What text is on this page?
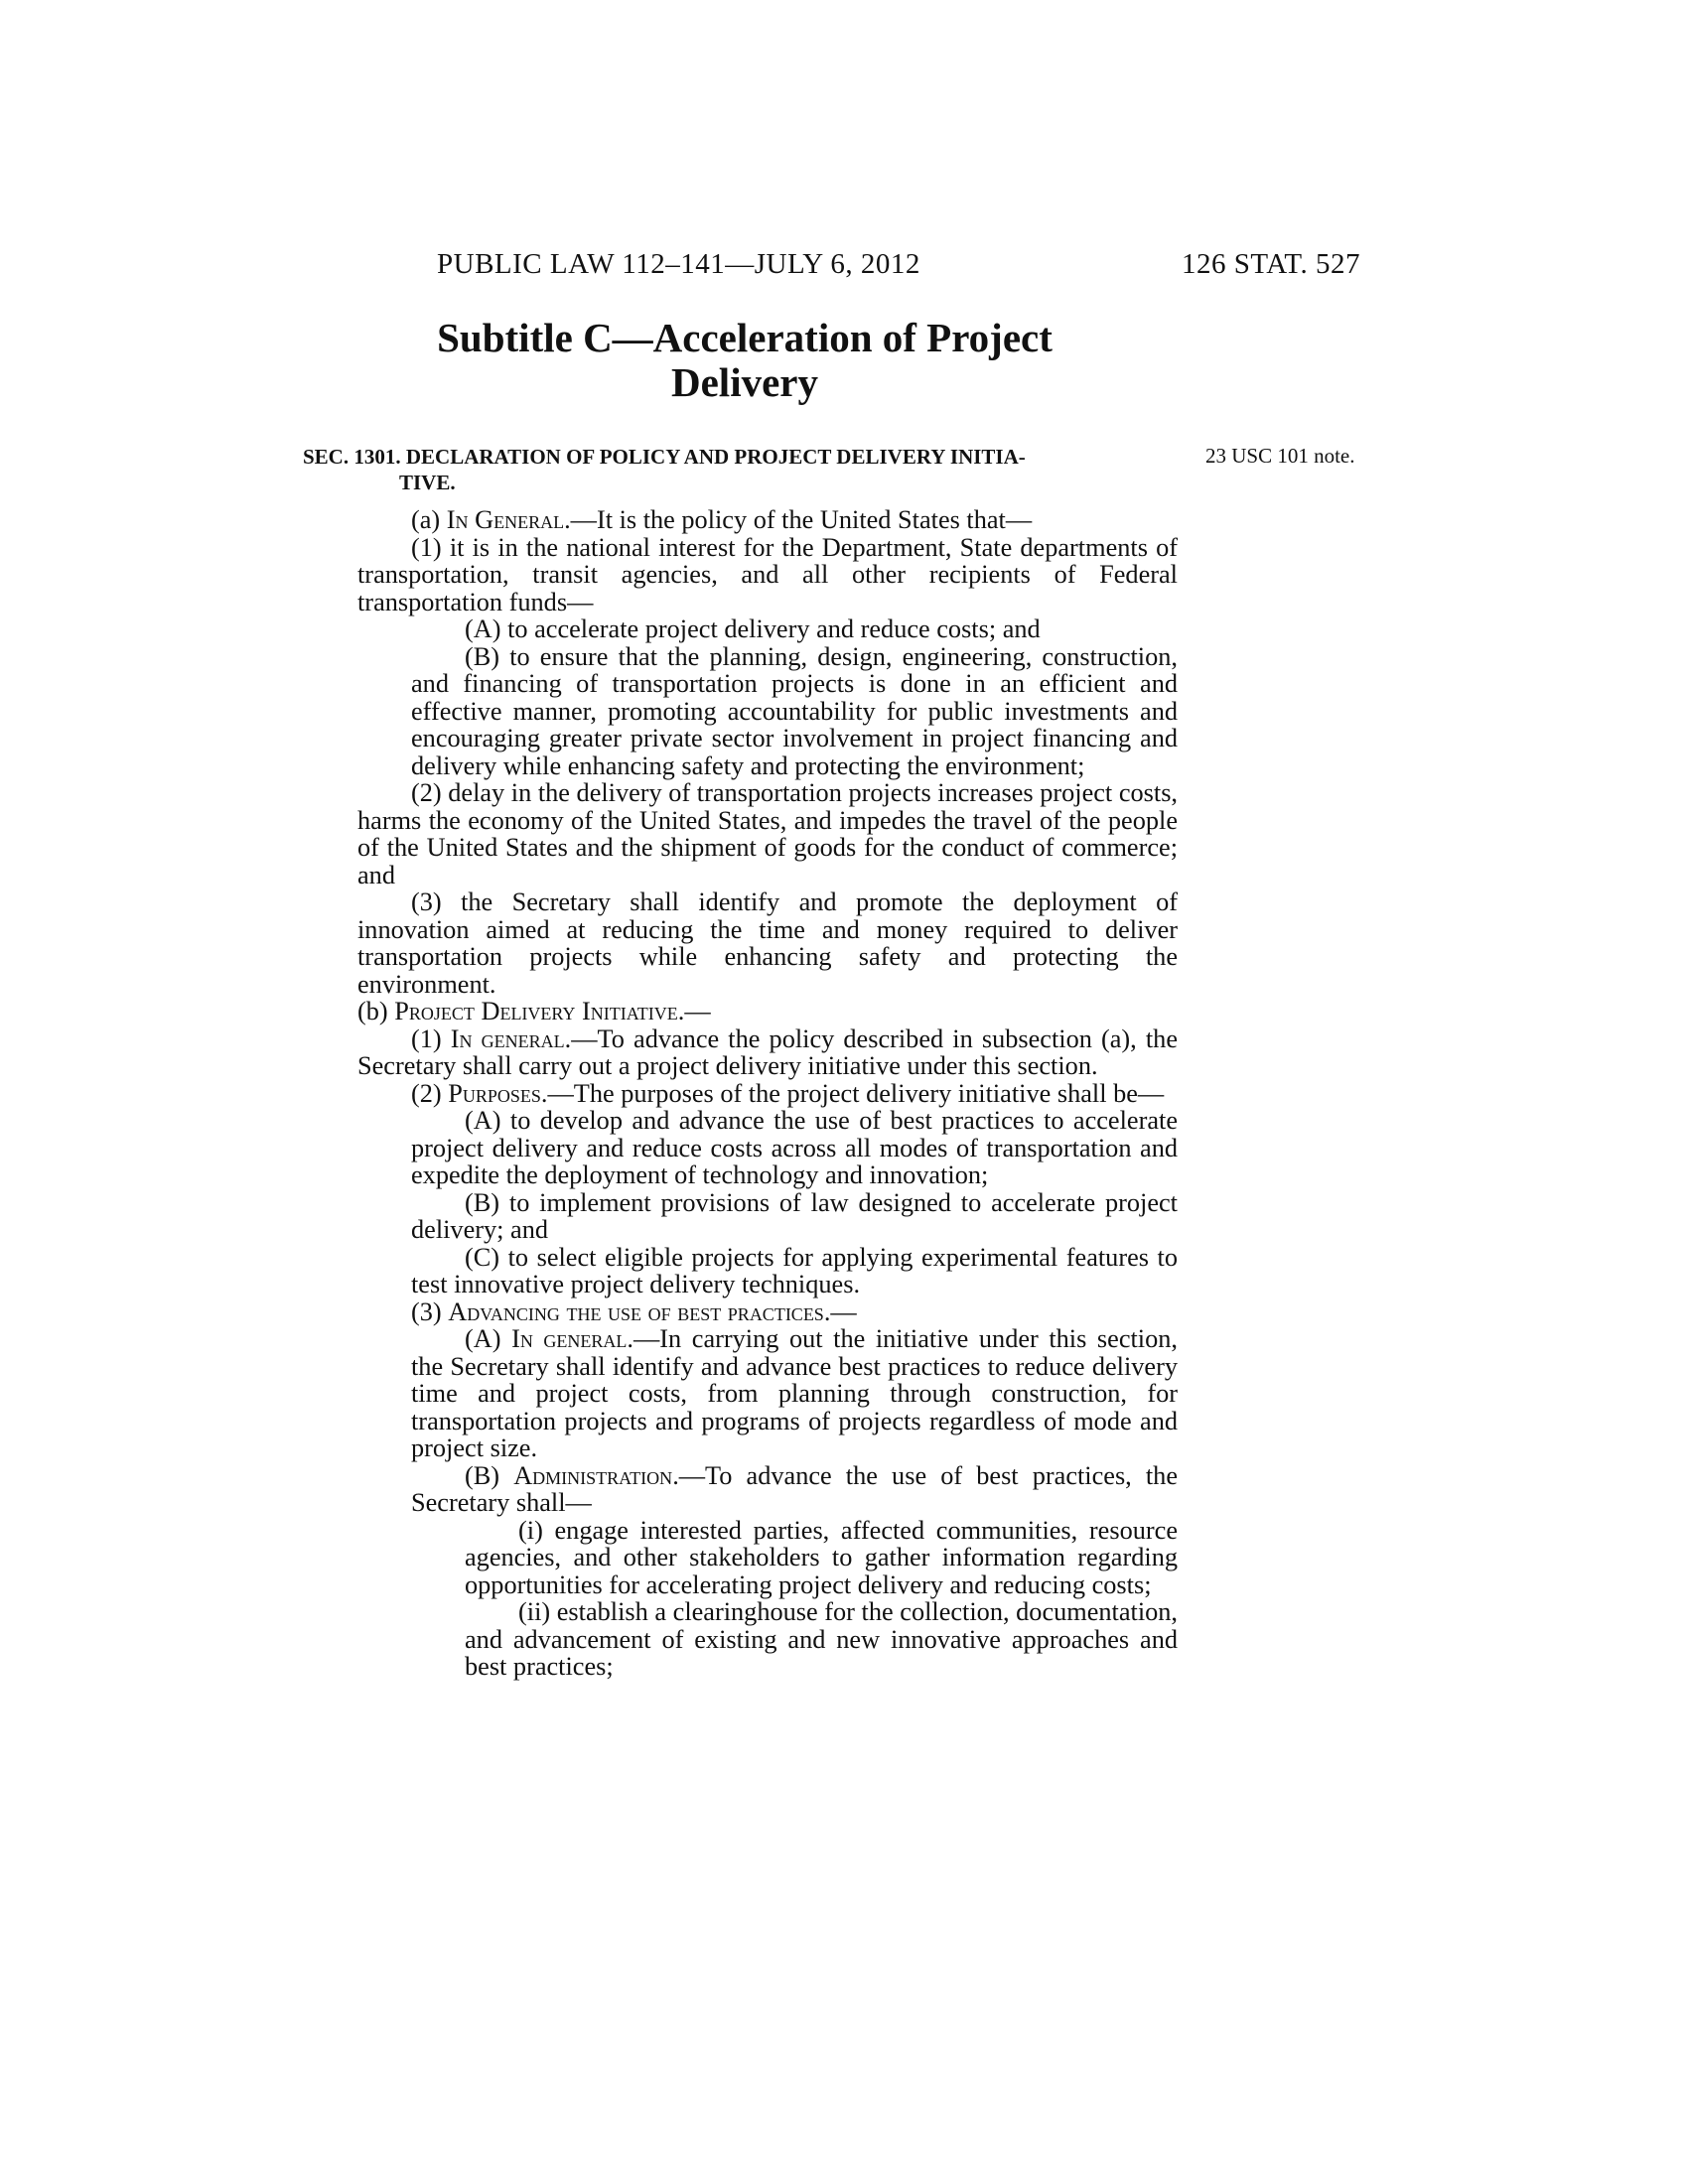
PUBLIC LAW 112–141—JULY 6, 2012	126 STAT. 527
Subtitle C—Acceleration of Project
Delivery
SEC. 1301. DECLARATION OF POLICY AND PROJECT DELIVERY INITIA-
TIVE.
23 USC 101 note.

(a) In General.—It is the policy of the United States that—

(1) it is in the national interest for the Department, State departments of transportation, transit agencies, and all other recipients of Federal transportation funds—

(A) to accelerate project delivery and reduce costs; and

(B) to ensure that the planning, design, engineering, construction, and financing of transportation projects is done in an efficient and effective manner, promoting accountability for public investments and encouraging greater private sector involvement in project financing and delivery while enhancing safety and protecting the environment;

(2) delay in the delivery of transportation projects increases project costs, harms the economy of the United States, and impedes the travel of the people of the United States and the shipment of goods for the conduct of commerce; and

(3) the Secretary shall identify and promote the deployment of innovation aimed at reducing the time and money required to deliver transportation projects while enhancing safety and protecting the environment.

(b) Project Delivery Initiative.—

(1) In general.—To advance the policy described in subsection (a), the Secretary shall carry out a project delivery initiative under this section.

(2) Purposes.—The purposes of the project delivery initiative shall be—

(A) to develop and advance the use of best practices to accelerate project delivery and reduce costs across all modes of transportation and expedite the deployment of technology and innovation;

(B) to implement provisions of law designed to accelerate project delivery; and

(C) to select eligible projects for applying experimental features to test innovative project delivery techniques.

(3) Advancing the use of best practices.—

(A) In general.—In carrying out the initiative under this section, the Secretary shall identify and advance best practices to reduce delivery time and project costs, from planning through construction, for transportation projects and programs of projects regardless of mode and project size.

(B) Administration.—To advance the use of best practices, the Secretary shall—

(i) engage interested parties, affected communities, resource agencies, and other stakeholders to gather information regarding opportunities for accelerating project delivery and reducing costs;

(ii) establish a clearinghouse for the collection, documentation, and advancement of existing and new innovative approaches and best practices;
